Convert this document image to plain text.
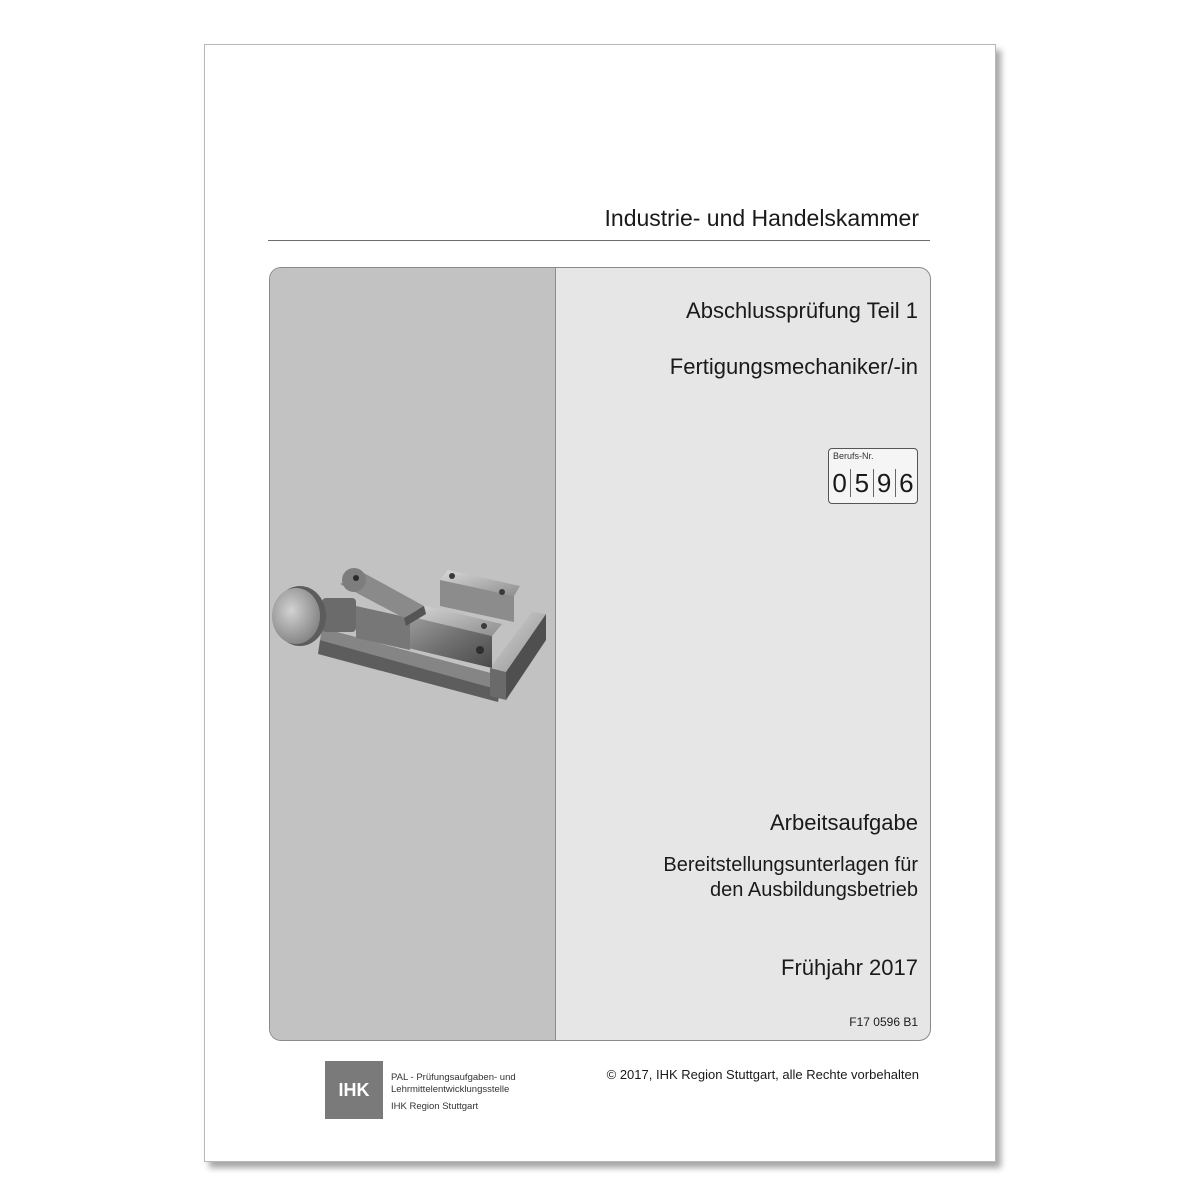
Industrie- und Handelskammer
Abschlussprüfung Teil 1
Fertigungsmechaniker/-in
Berufs-Nr.
0 5 9 6
Arbeitsaufgabe
Bereitstellungsunterlagen für
den Ausbildungsbetrieb
Frühjahr 2017
F17 0596 B1
IHK
PAL - Prüfungsaufgaben- und
Lehrmittelentwicklungsstelle
IHK Region Stuttgart
© 2017, IHK Region Stuttgart, alle Rechte vorbehalten
